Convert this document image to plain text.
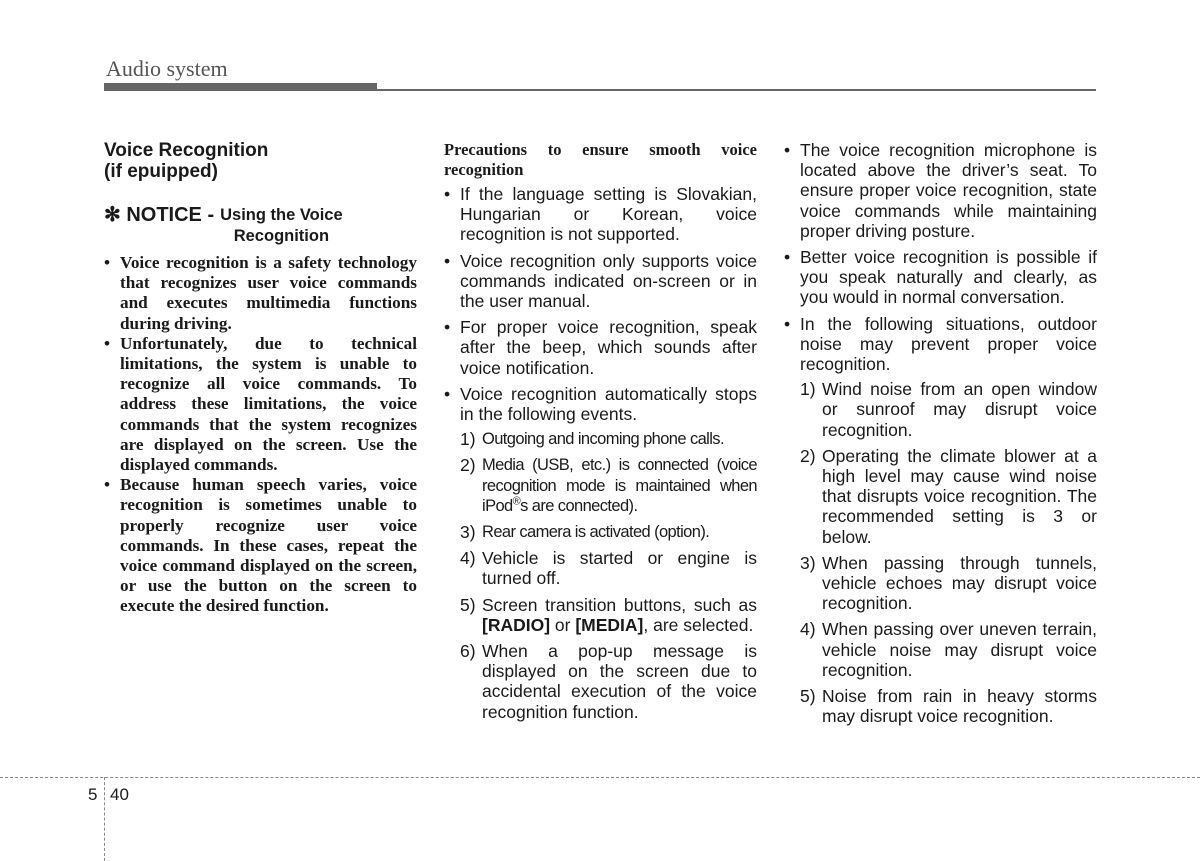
Audio system
Voice Recognition
(if epuipped)
✻ NOTICE - Using the Voice
Recognition
• Voice recognition is a safety technology that recognizes user voice commands and executes multimedia functions during driving.
• Unfortunately, due to technical limitations, the system is unable to recognize all voice commands. To address these limitations, the voice commands that the system recognizes are displayed on the screen. Use the displayed commands.
• Because human speech varies, voice recognition is sometimes unable to properly recognize user voice commands. In these cases, repeat the voice command displayed on the screen, or use the button on the screen to execute the desired function.

Precautions to ensure smooth voice recognition

• If the language setting is Slovakian, Hungarian or Korean, voice recognition is not supported.
• Voice recognition only supports voice commands indicated on-screen or in the user manual.
• For proper voice recognition, speak after the beep, which sounds after voice notification.
• Voice recognition automatically stops in the following events.
1) Outgoing and incoming phone calls.
2) Media (USB, etc.) is connected (voice recognition mode is maintained when iPod®s are connected).
3) Rear camera is activated (option).
4) Vehicle is started or engine is turned off.
5) Screen transition buttons, such as [RADIO] or [MEDIA], are selected.
6) When a pop-up message is displayed on the screen due to accidental execution of the voice recognition function.
• The voice recognition microphone is located above the driver’s seat. To ensure proper voice recognition, state voice commands while maintaining proper driving posture.
• Better voice recognition is possible if you speak naturally and clearly, as you would in normal conversation.
• In the following situations, outdoor noise may prevent proper voice recognition.
1) Wind noise from an open window or sunroof may disrupt voice recognition.
2) Operating the climate blower at a high level may cause wind noise that disrupts voice recognition. The recommended setting is 3 or below.
3) When passing through tunnels, vehicle echoes may disrupt voice recognition.
4) When passing over uneven terrain, vehicle noise may disrupt voice recognition.
5) Noise from rain in heavy storms may disrupt voice recognition.
5 40
